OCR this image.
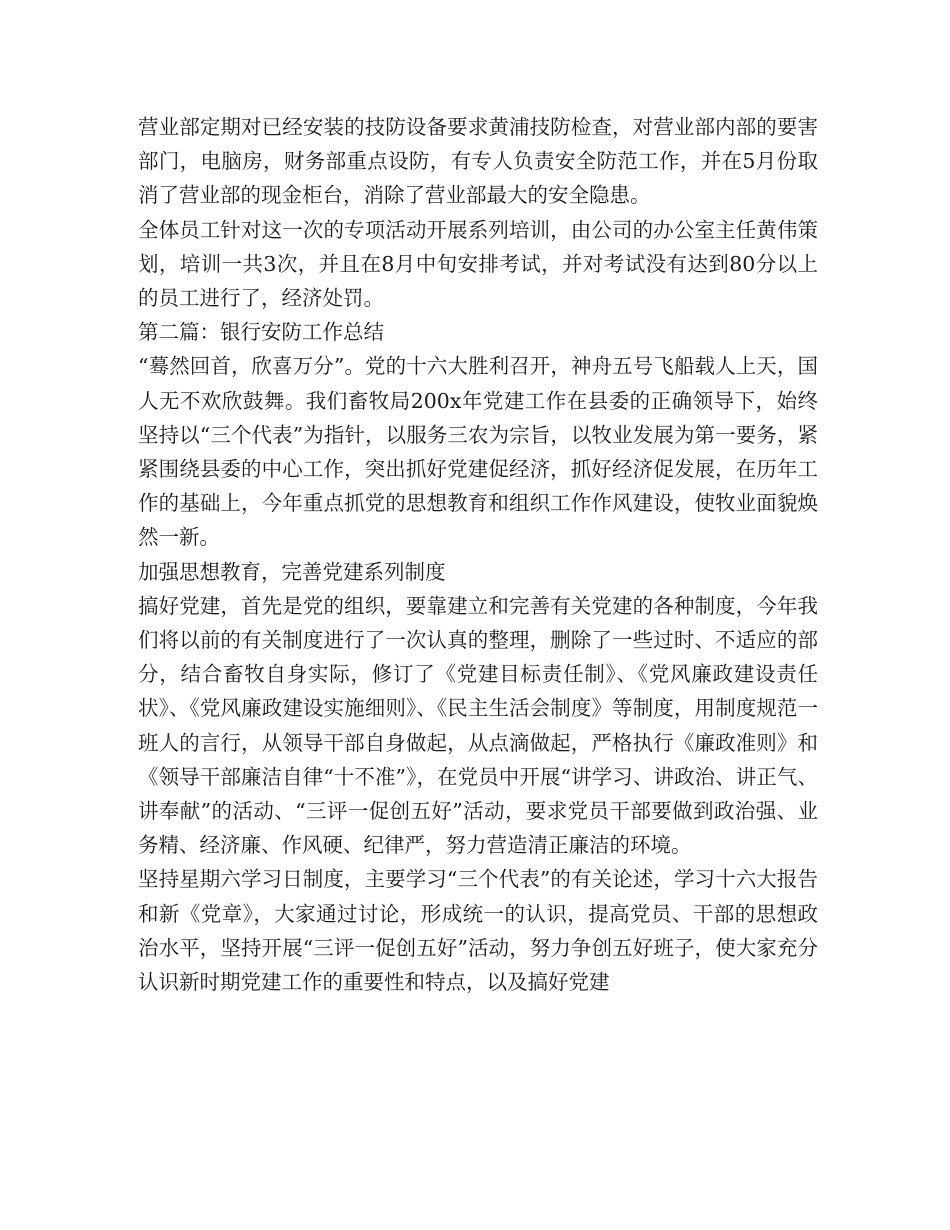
营业部定期对已经安装的技防设备要求黄浦技防检查，对营业部内部的要害部门，电脑房，财务部重点设防，有专人负责安全防范工作，并在5月份取消了营业部的现金柜台，消除了营业部最大的安全隐患。

全体员工针对这一次的专项活动开展系列培训，由公司的办公室主任黄伟策划，培训一共3次，并且在8月中旬安排考试，并对考试没有达到80分以上的员工进行了，经济处罚。

第二篇：银行安防工作总结

“蓦然回首，欣喜万分”。党的十六大胜利召开，神舟五号飞船载人上天，国人无不欢欣鼓舞。我们畜牧局200x年党建工作在县委的正确领导下，始终坚持以“三个代表”为指针，以服务三农为宗旨，以牧业发展为第一要务，紧紧围绕县委的中心工作，突出抓好党建促经济，抓好经济促发展，在历年工作的基础上，今年重点抓党的思想教育和组织工作作风建设，使牧业面貌焕然一新。

加强思想教育，完善党建系列制度

搞好党建，首先是党的组织，要靠建立和完善有关党建的各种制度，今年我们将以前的有关制度进行了一次认真的整理，删除了一些过时、不适应的部分，结合畜牧自身实际，修订了《党建目标责任制》、《党风廉政建设责任状》、《党风廉政建设实施细则》、《民主生活会制度》等制度，用制度规范一班人的言行，从领导干部自身做起，从点滴做起，严格执行《廉政准则》和《领导干部廉洁自律“十不准”》，在党员中开展“讲学习、讲政治、讲正气、讲奉献”的活动、“三评一促创五好”活动，要求党员干部要做到政治强、业务精、经济廉、作风硬、纪律严，努力营造清正廉洁的环境。

坚持星期六学习日制度，主要学习“三个代表”的有关论述，学习十六大报告和新《党章》，大家通过讨论，形成统一的认识，提高党员、干部的思想政治水平，坚持开展“三评一促创五好”活动，努力争创五好班子，使大家充分认识新时期党建工作的重要性和特点，以及搞好党建
